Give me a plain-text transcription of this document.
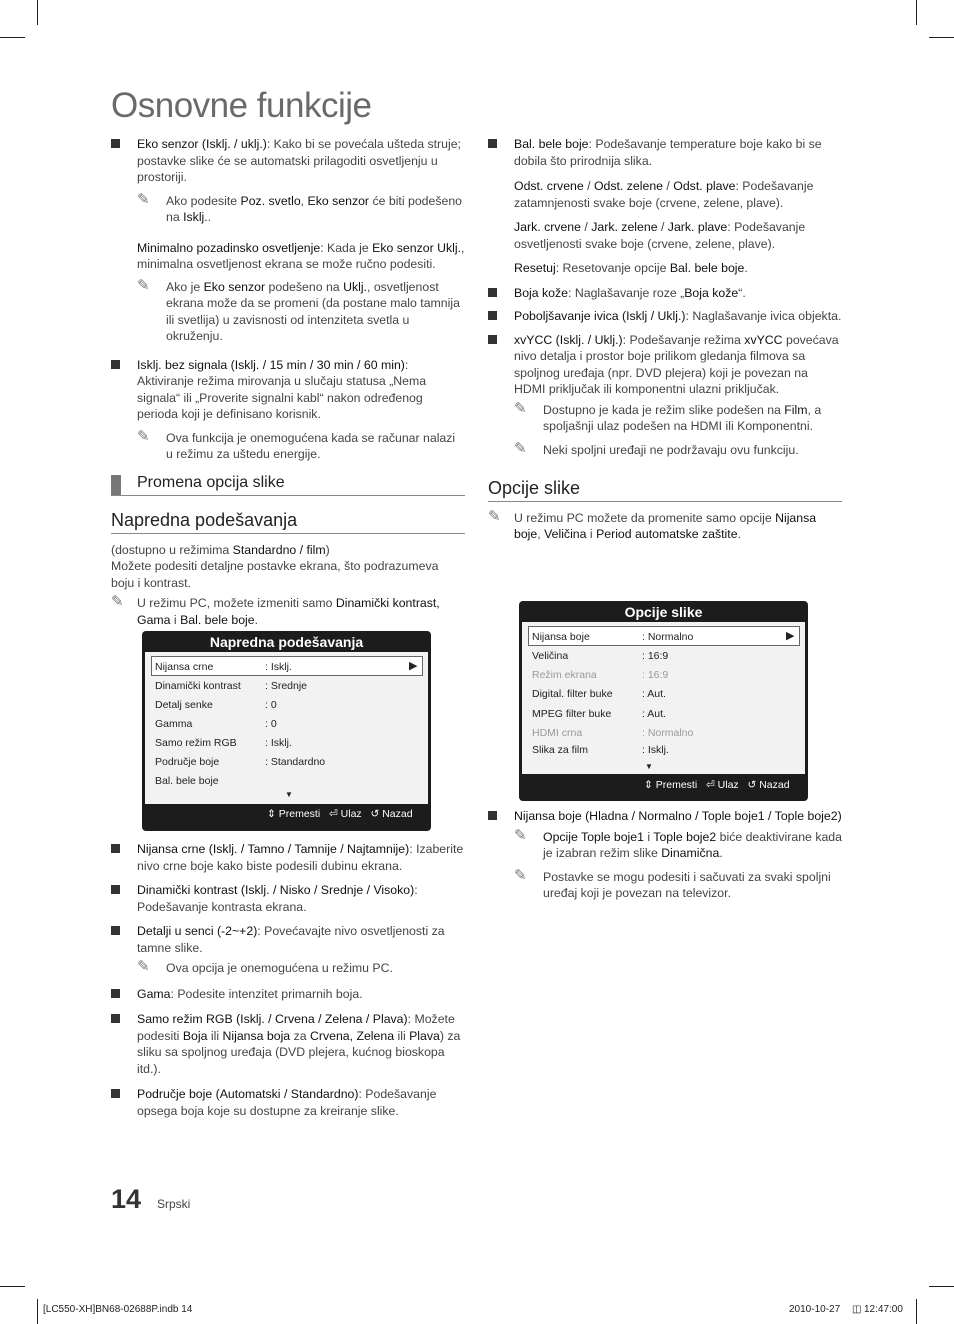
Osnovne funkcije
Eko senzor (Isklj. / uklj.): Kako bi se povećala ušteda struje; postavke slike će se automatski prilagoditi osvetljenju u prostoriji.
✎ Ako podesite Poz. svetlo, Eko senzor će biti podešeno na Isklj..
Minimalno pozadinsko osvetljenje: Kada je Eko senzor Uklj., minimalna osvetljenost ekrana se može ručno podesiti.
✎ Ako je Eko senzor podešeno na Uklj., osvetljenost ekrana može da se promeni (da postane malo tamnija ili svetlija) u zavisnosti od intenziteta svetla u okruženju.
Isklj. bez signala (Isklj. / 15 min / 30 min / 60 min): Aktiviranje režima mirovanja u slučaju statusa „Nema signala“ ili „Proverite signalni kabl“ nakon određenog perioda koji je definisano korisnik.
✎ Ova funkcija je onemogućena kada se računar nalazi u režimu za uštedu energije.
Promena opcija slike
Napredna podešavanja
(dostupno u režimima Standardno / film)
Možete podesiti detaljne postavke ekrana, što podrazumeva boju i kontrast.
✎ U režimu PC, možete izmeniti samo Dinamički kontrast, Gama i Bal. bele boje.
Napredna podešavanja
Nijansa crne	: Isklj.	▶
Dinamički kontrast : Srednje
Detalj senke	: 0
Gamma	: 0
Samo režim RGB	: Isklj.
Područje boje	: Standardno
Bal. bele boje
▼
⇕ Premesti ⏎ Ulaz ↺ Nazad
Nijansa crne (Isklj. / Tamno / Tamnije / Najtamnije): Izaberite nivo crne boje kako biste podesili dubinu ekrana.
Dinamički kontrast (Isklj. / Nisko / Srednje / Visoko): Podešavanje kontrasta ekrana.
Detalji u senci (-2~+2): Povećavajte nivo osvetljenosti za tamne slike.
✎ Ova opcija je onemogućena u režimu PC.
Gama: Podesite intenzitet primarnih boja.
Samo režim RGB (Isklj. / Crvena / Zelena / Plava): Možete podesiti Boja ili Nijansa boja za Crvena, Zelena ili Plava) za sliku sa spoljnog uređaja (DVD plejera, kućnog bioskopa itd.).
Područje boje (Automatski / Standardno): Podešavanje opsega boja koje su dostupne za kreiranje slike.
Bal. bele boje: Podešavanje temperature boje kako bi se dobila što prirodnija slika.
Odst. crvene / Odst. zelene / Odst. plave: Podešavanje zatamnjenosti svake boje (crvene, zelene, plave).
Jark. crvene / Jark. zelene / Jark. plave: Podešavanje osvetljenosti svake boje (crvene, zelene, plave).
Resetuj: Resetovanje opcije Bal. bele boje.
Boja kože: Naglašavanje roze „Boja kože“.
Poboljšavanje ivica (Isklj / Uklj.): Naglašavanje ivica objekta.
xvYCC (Isklj. / Uklj.): Podešavanje režima xvYCC povećava nivo detalja i prostor boje prilikom gledanja filmova sa spoljnog uređaja (npr. DVD plejera) koji je povezan na HDMI priključak ili komponentni ulazni priključak.
✎ Dostupno je kada je režim slike podešen na Film, a spoljašnji ulaz podešen na HDMI ili Komponentni.
✎ Neki spoljni uređaji ne podržavaju ovu funkciju.
Opcije slike
✎ U režimu PC možete da promenite samo opcije Nijansa boje, Veličina i Period automatske zaštite.
Opcije slike
Nijansa boje	: Normalno	▶
Veličina	: 16:9
Režim ekrana	: 16:9
Digital. filter buke	: Aut.
MPEG filter buke	: Aut.
HDMI crna	: Normalno
Slika za film	: Isklj.
▼
⇕ Premesti ⏎ Ulaz ↺ Nazad
Nijansa boje (Hladna / Normalno / Tople boje1 / Tople boje2)
✎ Opcije Tople boje1 i Tople boje2 biće deaktivirane kada je izabran režim slike Dinamična.
✎ Postavke se mogu podesiti i sačuvati za svaki spoljni uređaj koji je povezan na televizor.
14 Srpski
[LC550-XH]BN68-02688P.indb 14	2010-10-27 ◫ 12:47:00
